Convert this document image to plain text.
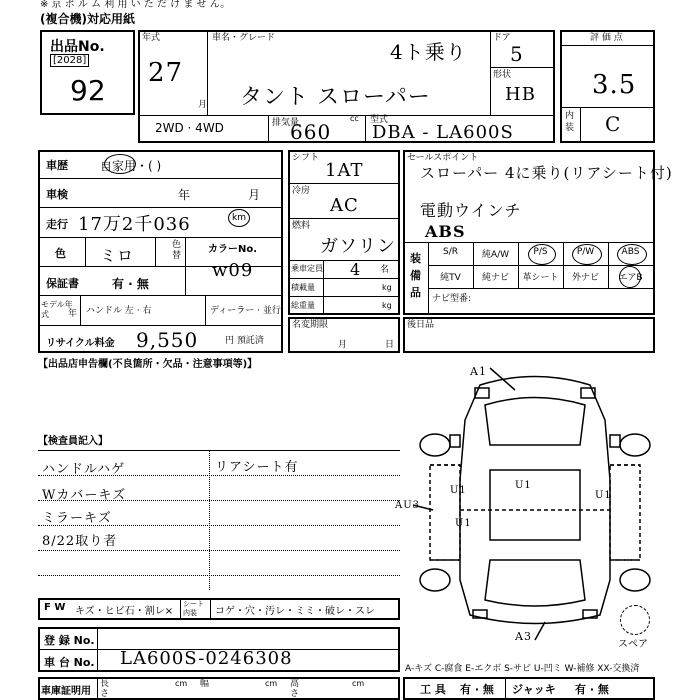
※ 京 ボ ル ム 利 用 い た だ け ま せ ん。
(複合機)対応用紙
出品No.
[2028]
92
年式
27
月
車名・グレード
4ト乗り
タント スローパー
ドア
5
形状
HB
2WD · 4WD	排気量	cc
660	型式
DBA - LA600S
評 価 点
3.5
内装 C
車歴	自家用・( )
車検	年	月
走行 17万2千036	km
色 ミロ
色替
カラーNo.
w09
保証書	有 · 無
モデル年式	年 ハンドル 左 · 右	ディーラー · 並行
リサイクル料金 9,550	円 預託済
シフト
1AT
冷房
AC
燃料
ガソリン
乗車定員 4 名
積載量	kg
総重量	kg
名変期限
月	日
セールスポイント
スローパー 4に乗り(リアシート付)
電動ウインチ
ABS
装備品
S/R	純A/W	P/S	P/W	ABS
純TV	純ナビ	革シート	外ナビ	エアB
ナビ型番:
後日品
【出品店申告欄(不良箇所・欠品・注意事項等)】
【検査員記入】
ハンドルハゲ	リアシート有
Wカバーキズ
ミラーキズ
8/22取り者
A1
AU3
A3
U1
U1
U1
U1
スペア
F W キズ・ヒビ石・割レ×
シート内装	コゲ・穴・汚レ・ミミ・破レ・スレ
登 録 No.
車 台 No. LA600S-0246308
車庫証明用
長さ
cm 幅	cm 高さ
cm
A-キズ C-腐食 E-エクボ S-サビ U-凹ミ W-補修 XX-交換済
工 具 有 · 無 ジャッキ 有 · 無
